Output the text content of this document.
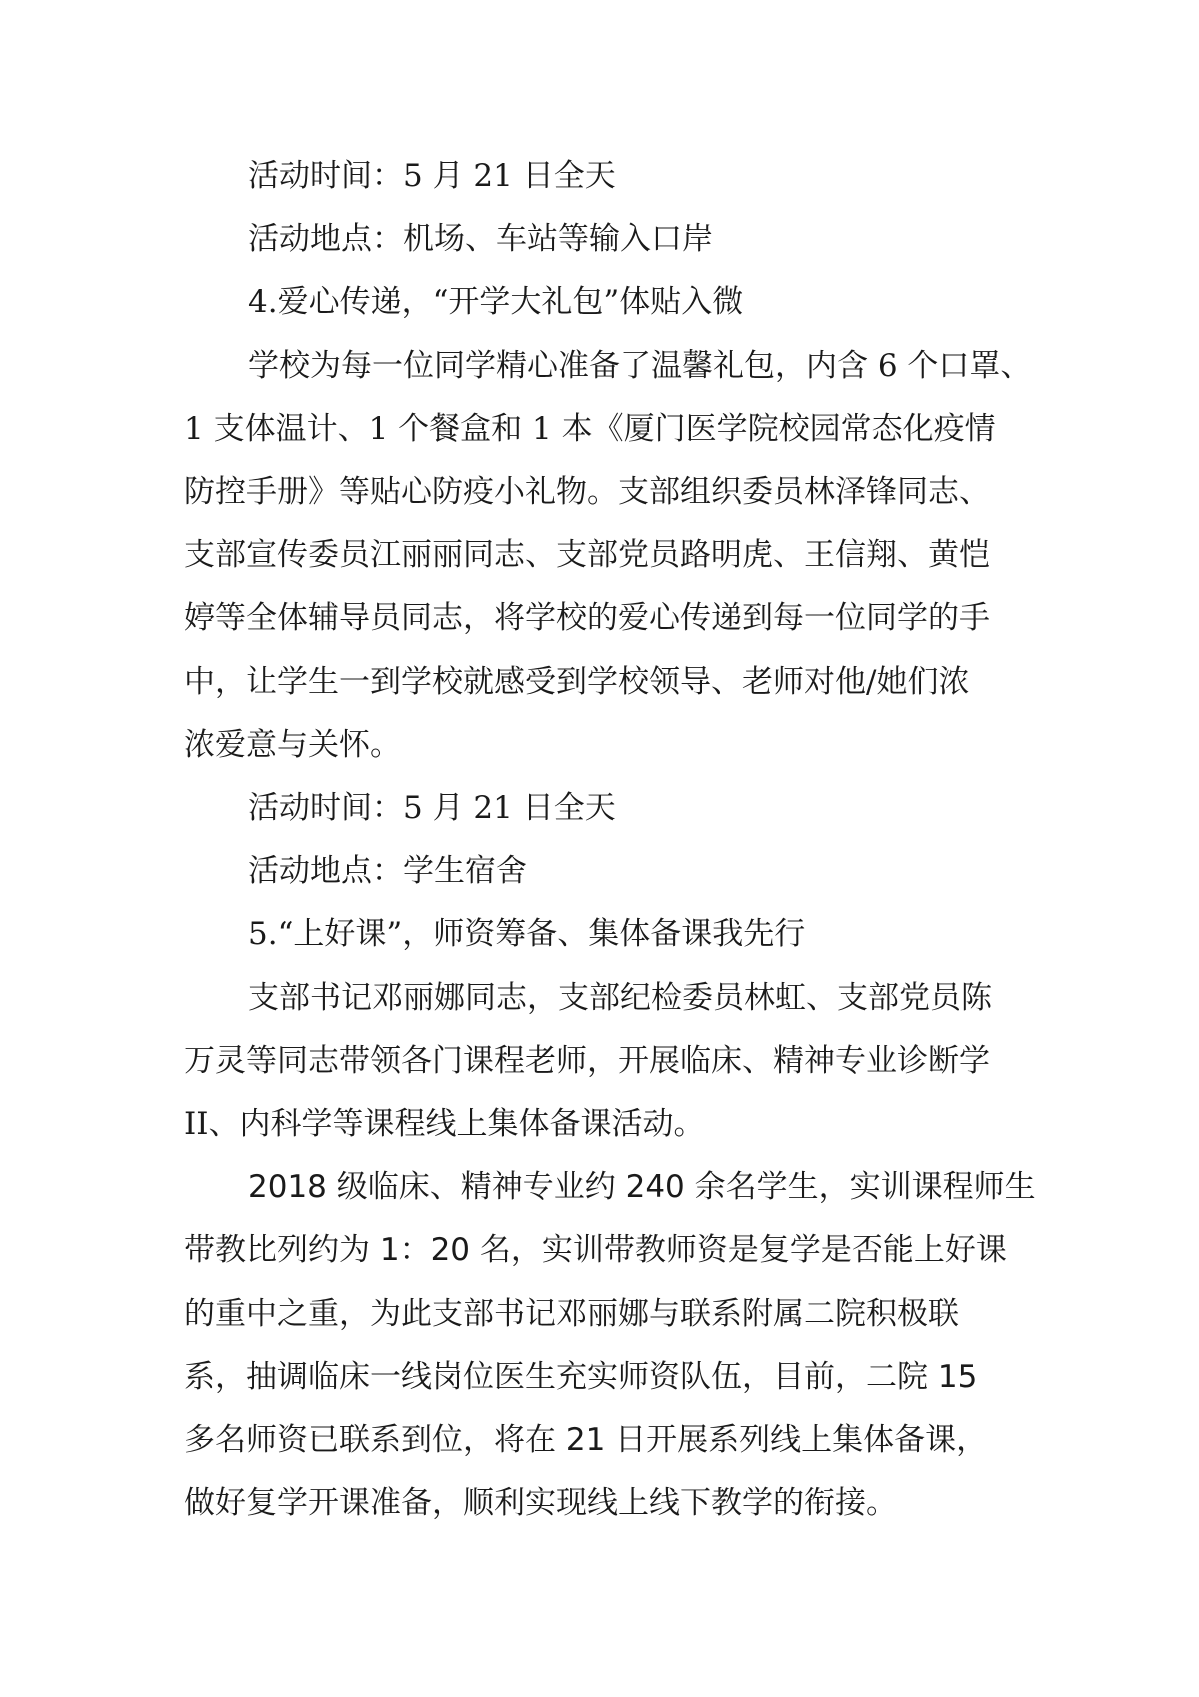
活动时间：5 月 21 日全天

活动地点：机场、车站等输入口岸

4.爱心传递，“开学大礼包”体贴入微

学校为每一位同学精心准备了温馨礼包，内含 6 个口罩、
1 支体温计、1 个餐盒和 1 本《厦门医学院校园常态化疫情
防控手册》等贴心防疫小礼物。支部组织委员林泽锋同志、
支部宣传委员江丽丽同志、支部党员路明虎、王信翔、黄恺
婷等全体辅导员同志，将学校的爱心传递到每一位同学的手
中，让学生一到学校就感受到学校领导、老师对他/她们浓
浓爱意与关怀。

活动时间：5 月 21 日全天

活动地点：学生宿舍

5.“上好课”，师资筹备、集体备课我先行

支部书记邓丽娜同志，支部纪检委员林虹、支部党员陈
万灵等同志带领各门课程老师，开展临床、精神专业诊断学
II、内科学等课程线上集体备课活动。

2018 级临床、精神专业约 240 余名学生，实训课程师生
带教比列约为 1：20 名，实训带教师资是复学是否能上好课
的重中之重，为此支部书记邓丽娜与联系附属二院积极联
系，抽调临床一线岗位医生充实师资队伍，目前，二院 15
多名师资已联系到位，将在 21 日开展系列线上集体备课，
做好复学开课准备，顺利实现线上线下教学的衔接。
